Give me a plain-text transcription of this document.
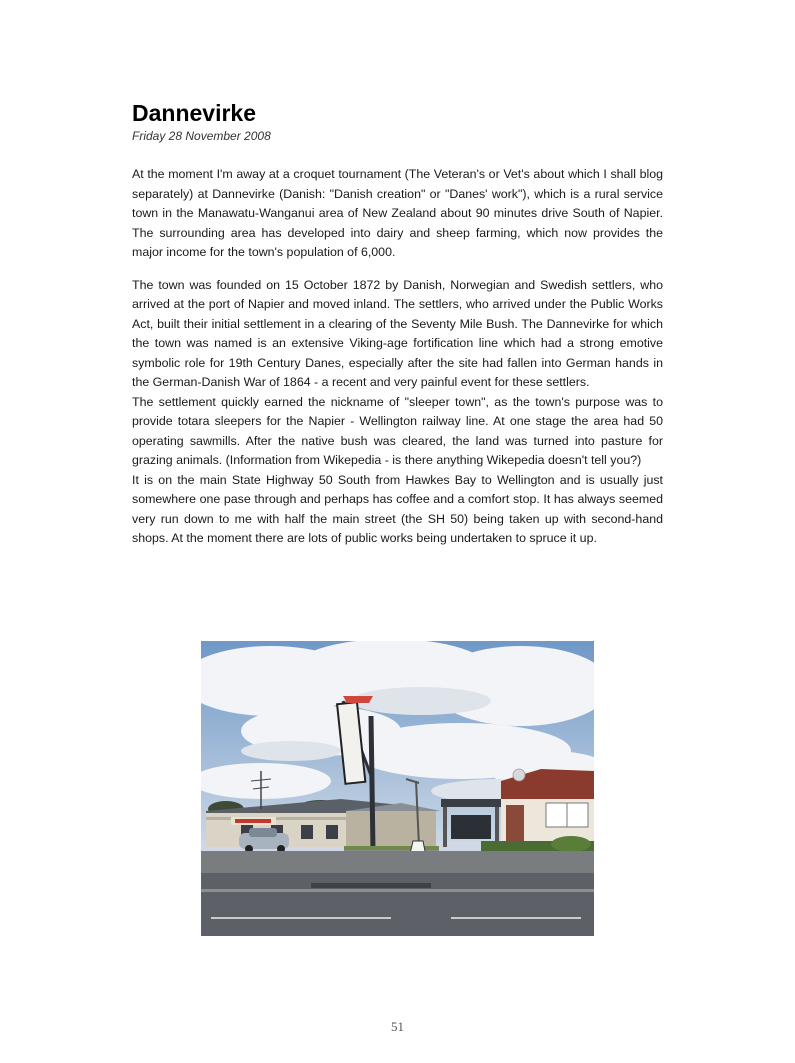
Dannevirke
Friday 28 November 2008

At the moment I'm away at a croquet tournament (The Veteran's or Vet's about which I shall blog separately) at Dannevirke (Danish: "Danish creation" or "Danes' work"), which is a rural service town in the Manawatu-Wanganui area of New Zealand about 90 minutes drive South of Napier. The surrounding area has developed into dairy and sheep farming, which now provides the major income for the town's population of 6,000.

The town was founded on 15 October 1872 by Danish, Norwegian and Swedish settlers, who arrived at the port of Napier and moved inland. The settlers, who arrived under the Public Works Act, built their initial settlement in a clearing of the Seventy Mile Bush. The Dannevirke for which the town was named is an extensive Viking-age fortification line which had a strong emotive symbolic role for 19th Century Danes, especially after the site had fallen into German hands in the German-Danish War of 1864 - a recent and very painful event for these settlers.

The settlement quickly earned the nickname of "sleeper town", as the town's purpose was to provide totara sleepers for the Napier - Wellington railway line. At one stage the area had 50 operating sawmills. After the native bush was cleared, the land was turned into pasture for grazing animals. (Information from Wikepedia - is there anything Wikepedia doesn't tell you?)

It is on the main State Highway 50 South from Hawkes Bay to Wellington and is usually just somewhere one pase through and perhaps has coffee and a comfort stop. It has always seemed very run down to me with half the main street (the SH 50) being taken up with second-hand shops. At the moment there are lots of public works being undertaken to spruce it up.

51
